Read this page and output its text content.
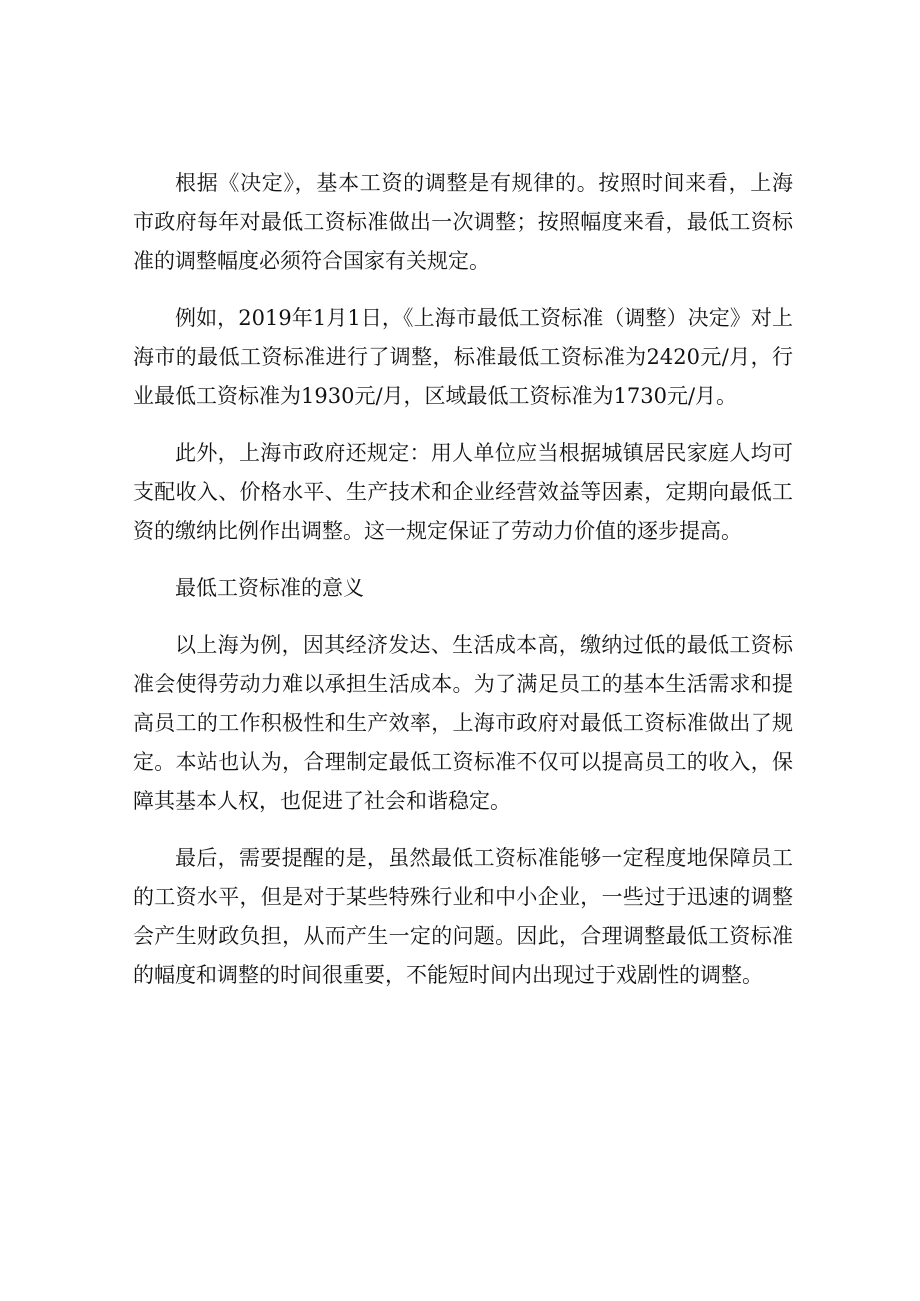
根据《决定》，基本工资的调整是有规律的。按照时间来看，上海市政府每年对最低工资标准做出一次调整；按照幅度来看，最低工资标准的调整幅度必须符合国家有关规定。

例如，2019年1月1日，《上海市最低工资标准（调整）决定》对上海市的最低工资标准进行了调整，标准最低工资标准为2420元/月，行业最低工资标准为1930元/月，区域最低工资标准为1730元/月。

此外，上海市政府还规定：用人单位应当根据城镇居民家庭人均可支配收入、价格水平、生产技术和企业经营效益等因素，定期向最低工资的缴纳比例作出调整。这一规定保证了劳动力价值的逐步提高。

最低工资标准的意义

以上海为例，因其经济发达、生活成本高，缴纳过低的最低工资标准会使得劳动力难以承担生活成本。为了满足员工的基本生活需求和提高员工的工作积极性和生产效率，上海市政府对最低工资标准做出了规定。本站也认为，合理制定最低工资标准不仅可以提高员工的收入，保障其基本人权，也促进了社会和谐稳定。

最后，需要提醒的是，虽然最低工资标准能够一定程度地保障员工的工资水平，但是对于某些特殊行业和中小企业，一些过于迅速的调整会产生财政负担，从而产生一定的问题。因此，合理调整最低工资标准的幅度和调整的时间很重要，不能短时间内出现过于戏剧性的调整。
